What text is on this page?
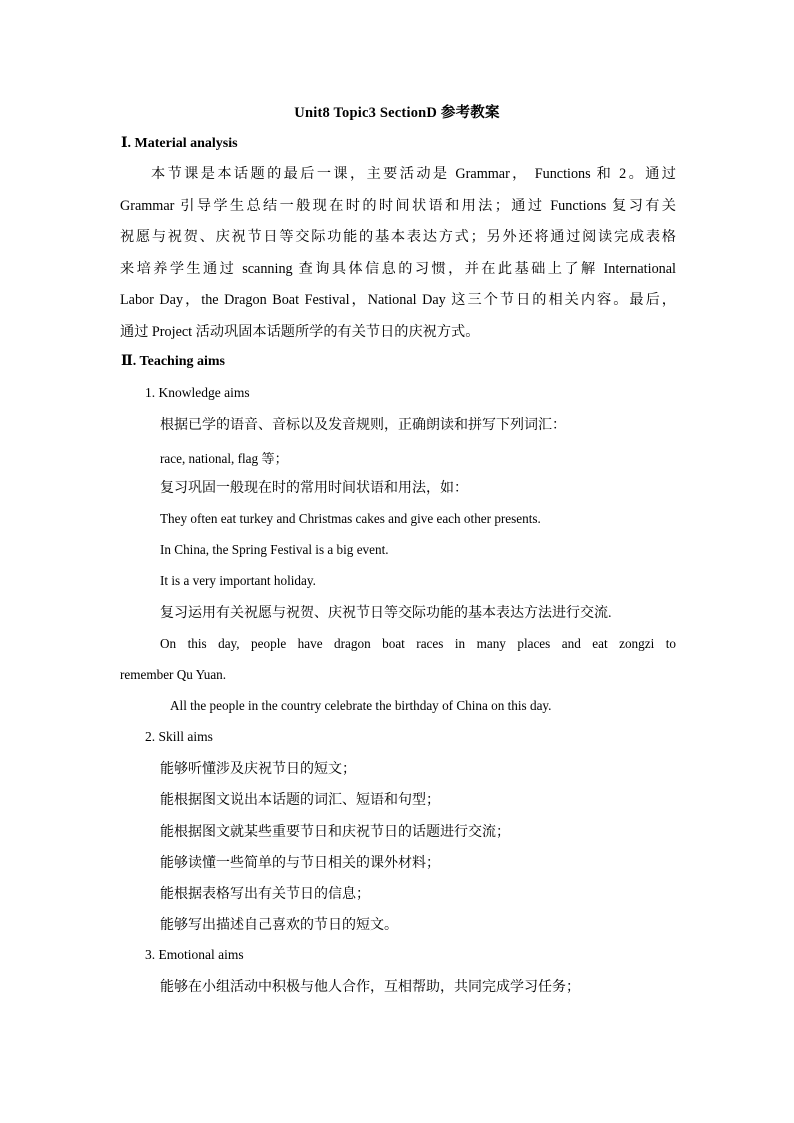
Unit8 Topic3 SectionD 参考教案
Ⅰ. Material analysis
本节课是本话题的最后一课，主要活动是 Grammar， Functions 和 2。通过
Grammar 引导学生总结一般现在时的时间状语和用法；通过 Functions 复习有关
祝愿与祝贺、庆祝节日等交际功能的基本表达方式；另外还将通过阅读完成表格
来培养学生通过 scanning 查询具体信息的习惯，并在此基础上了解 International
Labor Day，the Dragon Boat Festival，National Day 这三个节日的相关内容。最后，
通过 Project 活动巩固本话题所学的有关节日的庆祝方式。
Ⅱ. Teaching aims
1. Knowledge aims
根据已学的语音、音标以及发音规则，正确朗读和拼写下列词汇：
race, national, flag 等；
复习巩固一般现在时的常用时间状语和用法，如：
They often eat turkey and Christmas cakes and give each other presents.
In China, the Spring Festival is a big event.
It is a very important holiday.
复习运用有关祝愿与祝贺、庆祝节日等交际功能的基本表达方法进行交流.
On this day, people have dragon boat races in many places and eat zongzi to
remember Qu Yuan.
All the people in the country celebrate the birthday of China on this day.
2. Skill aims
能够听懂涉及庆祝节日的短文；
能根据图文说出本话题的词汇、短语和句型；
能根据图文就某些重要节日和庆祝节日的话题进行交流；
能够读懂一些简单的与节日相关的课外材料；
能根据表格写出有关节日的信息；
能够写出描述自己喜欢的节日的短文。
3. Emotional aims
能够在小组活动中积极与他人合作，互相帮助，共同完成学习任务；
